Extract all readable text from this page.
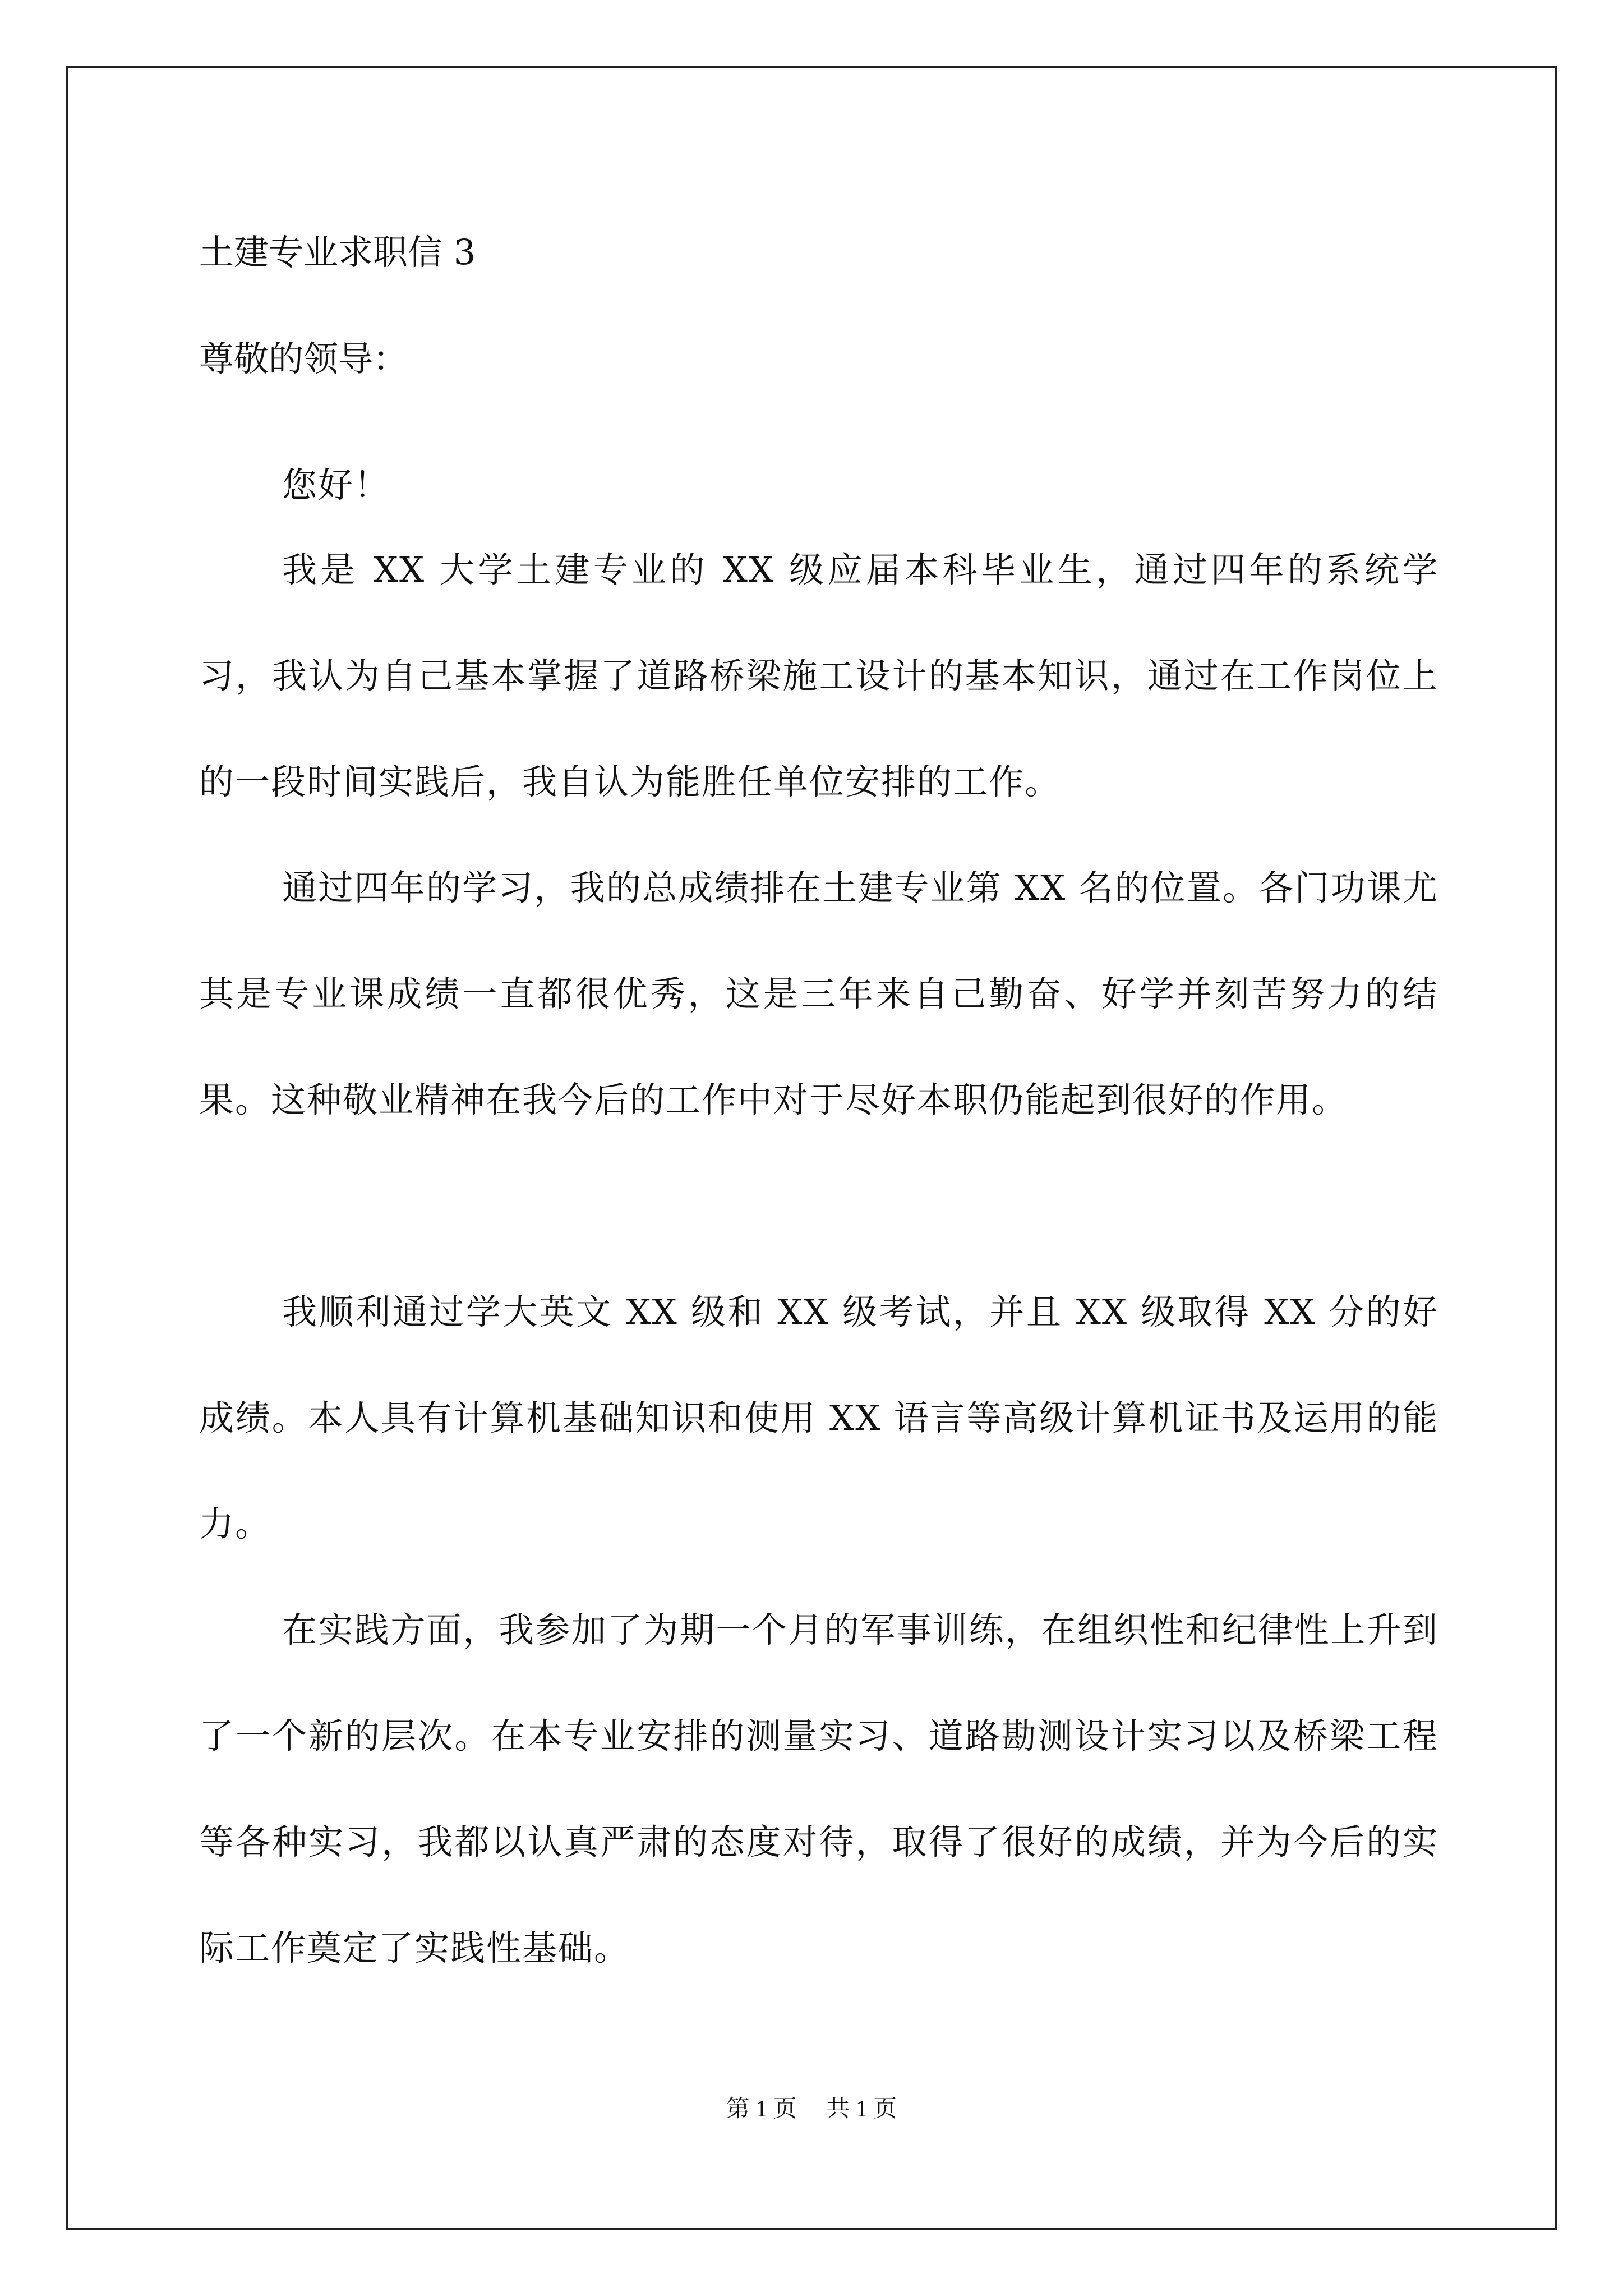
土建专业求职信 3
尊敬的领导：
您好！
我是 XX 大学土建专业的 XX 级应届本科毕业生，通过四年的系统学习，我认为自己基本掌握了道路桥梁施工设计的基本知识，通过在工作岗位上的一段时间实践后，我自认为能胜任单位安排的工作。
通过四年的学习，我的总成绩排在土建专业第 XX 名的位置。各门功课尤其是专业课成绩一直都很优秀，这是三年来自己勤奋、好学并刻苦努力的结果。这种敬业精神在我今后的工作中对于尽好本职仍能起到很好的作用。
我顺利通过学大英文 XX 级和 XX 级考试，并且 XX 级取得 XX 分的好成绩。本人具有计算机基础知识和使用 XX 语言等高级计算机证书及运用的能力。
在实践方面，我参加了为期一个月的军事训练，在组织性和纪律性上升到了一个新的层次。在本专业安排的测量实习、道路勘测设计实习以及桥梁工程等各种实习，我都以认真严肃的态度对待，取得了很好的成绩，并为今后的实际工作奠定了实践性基础。
第 1 页　 共 1 页
